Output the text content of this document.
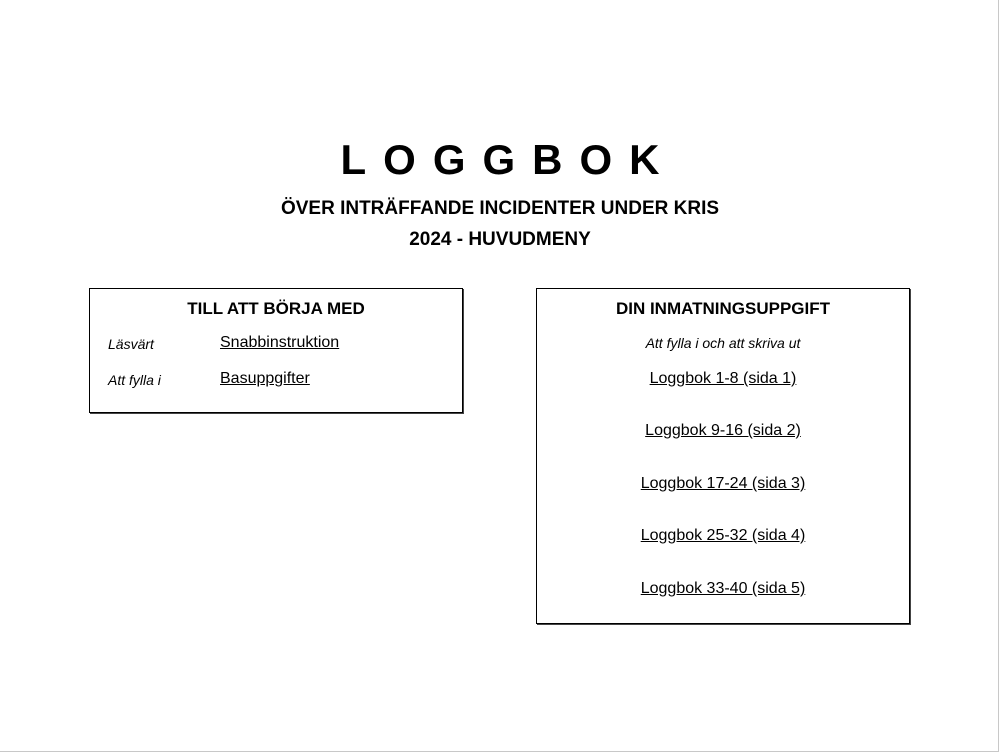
LOGGBOK
ÖVER INTRÄFFANDE INCIDENTER UNDER KRIS
2024 - HUVUDMENY
TILL ATT BÖRJA MED
Läsvärt	Snabbinstruktion
Att fylla i	Basuppgifter
DIN INMATNINGSUPPGIFT
Att fylla i och att skriva ut
Loggbok 1-8 (sida 1)
Loggbok 9-16 (sida 2)
Loggbok 17-24 (sida 3)
Loggbok 25-32 (sida 4)
Loggbok 33-40 (sida 5)
